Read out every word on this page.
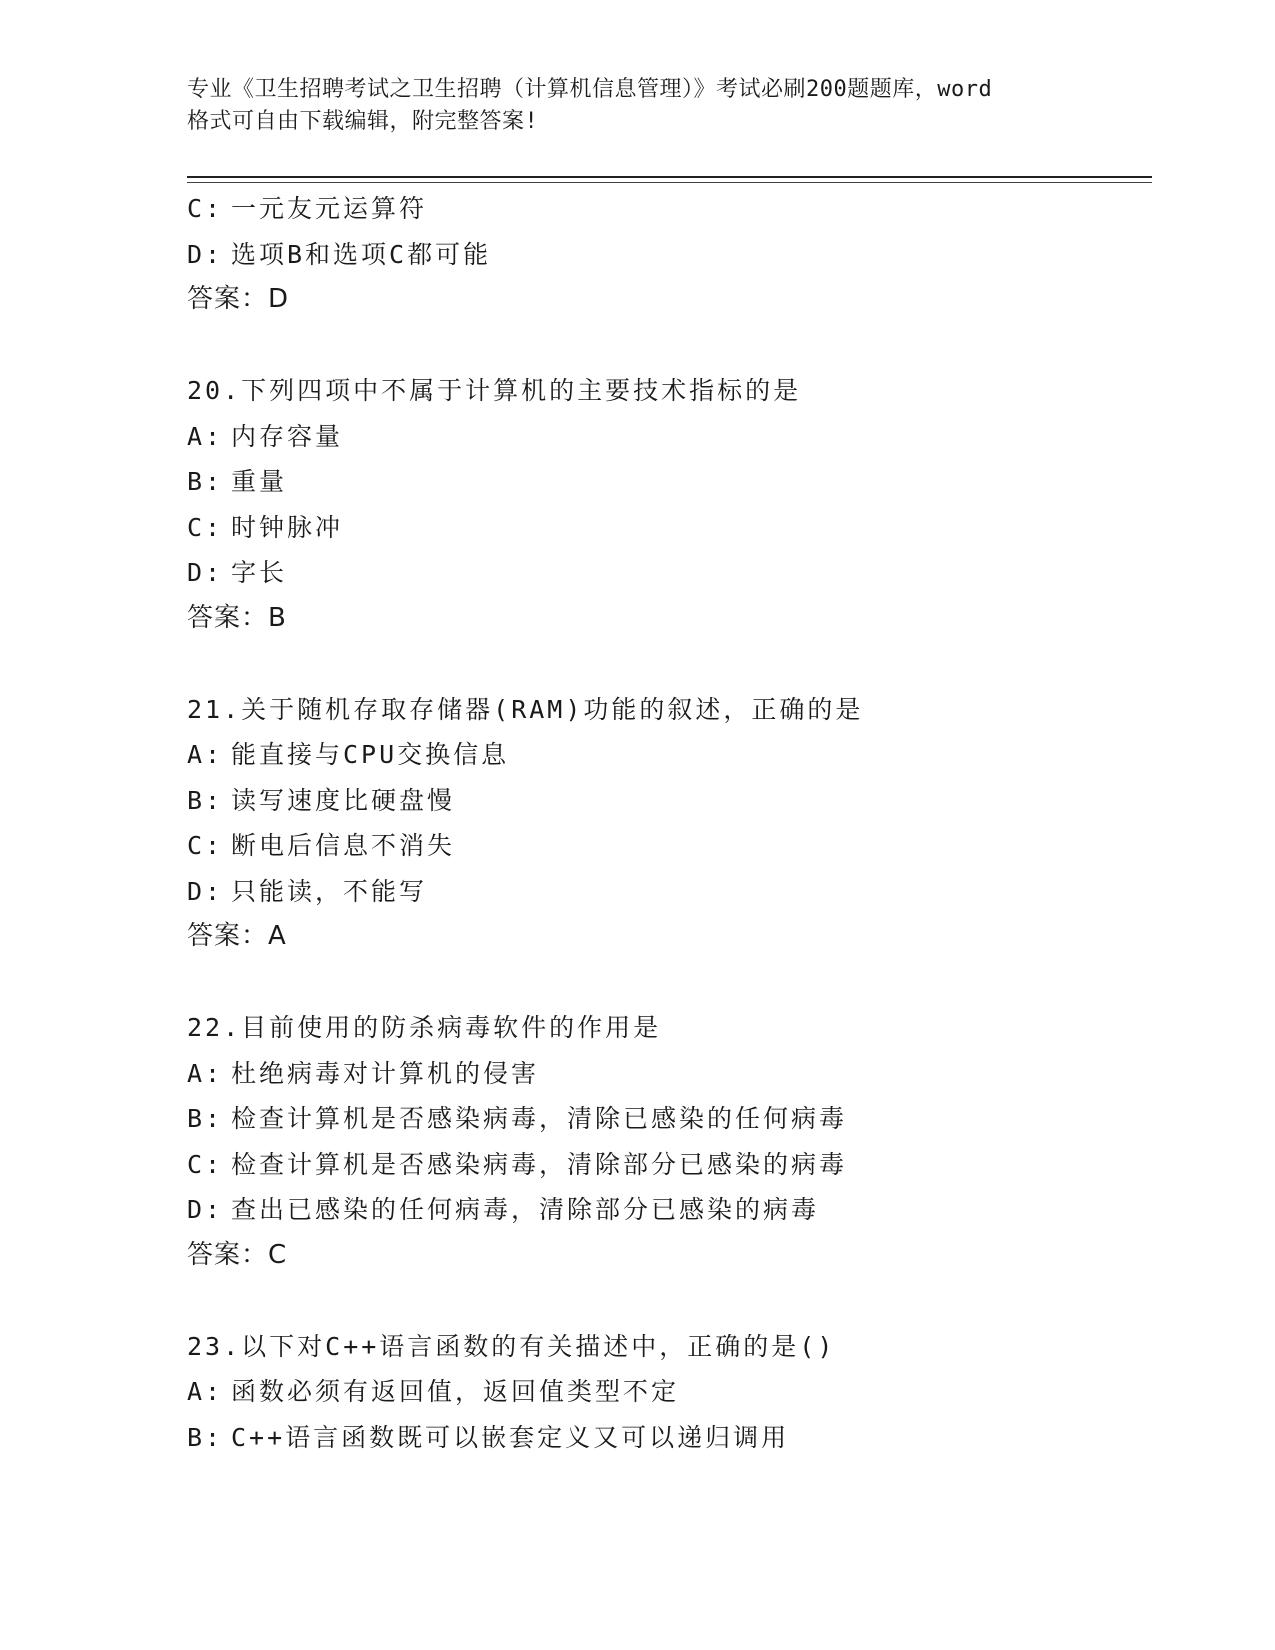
专业《卫生招聘考试之卫生招聘（计算机信息管理）》考试必刷200题题库，word
格式可自由下载编辑，附完整答案!
C: 一元友元运算符
D: 选项B和选项C都可能
答案：D
20.下列四项中不属于计算机的主要技术指标的是
A: 内存容量
B: 重量
C: 时钟脉冲
D: 字长
答案：B
21.关于随机存取存储器(RAM)功能的叙述，正确的是
A: 能直接与CPU交换信息
B: 读写速度比硬盘慢
C: 断电后信息不消失
D: 只能读，不能写
答案：A
22.目前使用的防杀病毒软件的作用是
A: 杜绝病毒对计算机的侵害
B: 检查计算机是否感染病毒，清除已感染的任何病毒
C: 检查计算机是否感染病毒，清除部分已感染的病毒
D: 查出已感染的任何病毒，清除部分已感染的病毒
答案：C
23.以下对C++语言函数的有关描述中，正确的是()
A: 函数必须有返回值，返回值类型不定
B: C++语言函数既可以嵌套定义又可以递归调用
